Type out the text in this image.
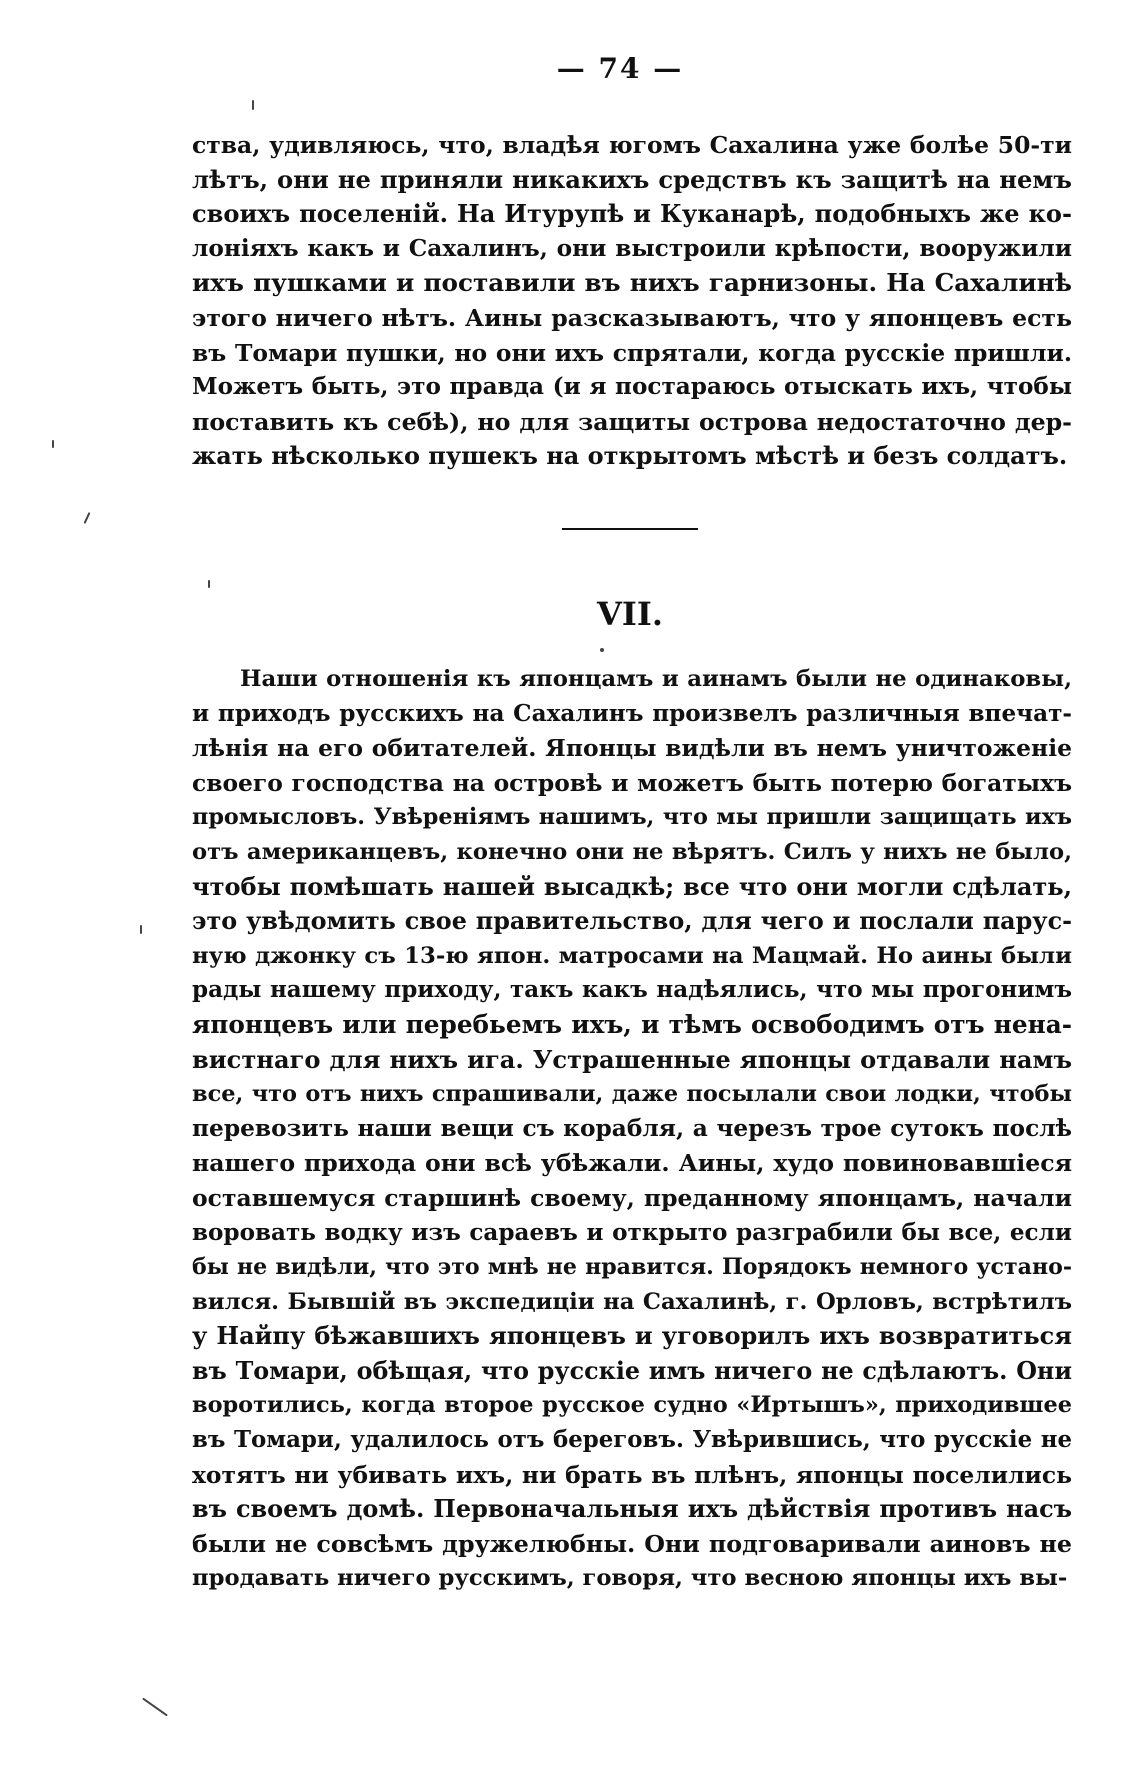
— 74 —
ства, удивляюсь, что, владѣя югомъ Сахалина уже болѣе 50-ти
лѣтъ, они не приняли никакихъ средствъ къ защитѣ на немъ
своихъ поселеній. На Итурупѣ и Куканарѣ, подобныхъ же ко-
лоніяхъ какъ и Сахалинъ, они выстроили крѣпости, вооружили
ихъ пушками и поставили въ нихъ гарнизоны. На Сахалинѣ
этого ничего нѣтъ. Аины разсказываютъ, что у японцевъ есть
въ Томари пушки, но они ихъ спрятали, когда русскіе пришли.
Можетъ быть, это правда (и я постараюсь отыскать ихъ, чтобы
поставить къ себѣ), но для защиты острова недостаточно дер-
жать нѣсколько пушекъ на открытомъ мѣстѣ и безъ солдатъ.
VII.
Наши отношенія къ японцамъ и аинамъ были не одинаковы,
и приходъ русскихъ на Сахалинъ произвелъ различныя впечат-
лѣнія на его обитателей. Японцы видѣли въ немъ уничтоженіе
своего господства на островѣ и можетъ быть потерю богатыхъ
промысловъ. Увѣреніямъ нашимъ, что мы пришли защищать ихъ
отъ американцевъ, конечно они не вѣрятъ. Силъ у нихъ не было,
чтобы помѣшать нашей высадкѣ; все что они могли сдѣлать,
это увѣдомить свое правительство, для чего и послали парус-
ную джонку съ 13-ю япон. матросами на Мацмай. Но аины были
рады нашему приходу, такъ какъ надѣялись, что мы прогонимъ
японцевъ или перебьемъ ихъ, и тѣмъ освободимъ отъ нена-
вистнаго для нихъ ига. Устрашенные японцы отдавали намъ
все, что отъ нихъ спрашивали, даже посылали свои лодки, чтобы
перевозить наши вещи съ корабля, а черезъ трое сутокъ послѣ
нашего прихода они всѣ убѣжали. Аины, худо повиновавшіеся
оставшемуся старшинѣ своему, преданному японцамъ, начали
воровать водку изъ сараевъ и открыто разграбили бы все, если
бы не видѣли, что это мнѣ не нравится. Порядокъ немного устано-
вился. Бывшій въ экспедиціи на Сахалинѣ, г. Орловъ, встрѣтилъ
у Найпу бѣжавшихъ японцевъ и уговорилъ ихъ возвратиться
въ Томари, обѣщая, что русскіе имъ ничего не сдѣлаютъ. Они
воротились, когда второе русское судно «Иртышъ», приходившее
въ Томари, удалилось отъ береговъ. Увѣрившись, что русскіе не
хотятъ ни убивать ихъ, ни брать въ плѣнъ, японцы поселились
въ своемъ домѣ. Первоначальныя ихъ дѣйствія противъ насъ
были не совсѣмъ дружелюбны. Они подговаривали аиновъ не
продавать ничего русскимъ, говоря, что весною японцы ихъ вы-
